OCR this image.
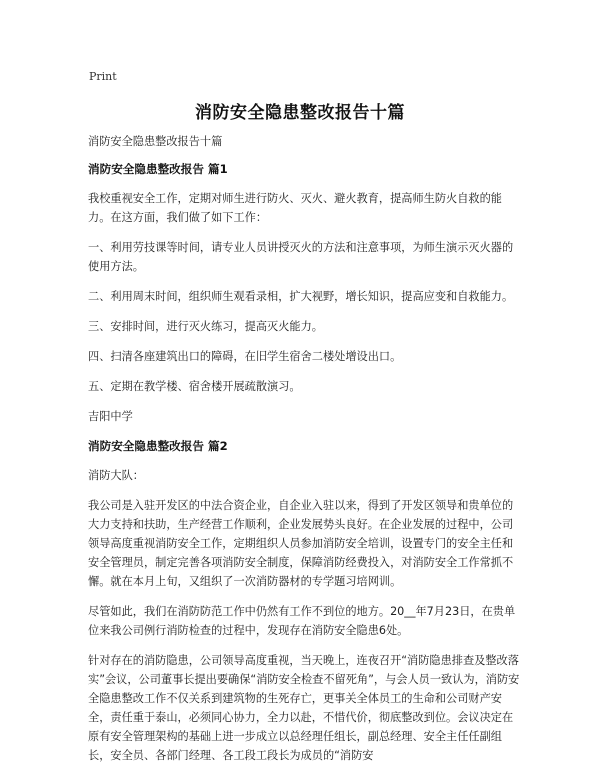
Print
消防安全隐患整改报告十篇

消防安全隐患整改报告十篇

消防安全隐患整改报告 篇1

我校重视安全工作，定期对师生进行防火、灭火、避火教育，提高师生防火自救的能力。在这方面，我们做了如下工作：

一、利用劳技课等时间，请专业人员讲授灭火的方法和注意事项，为师生演示灭火器的使用方法。

二、利用周末时间，组织师生观看录相，扩大视野，增长知识，提高应变和自救能力。

三、安排时间，进行灭火练习，提高灭火能力。

四、扫清各座建筑出口的障碍，在旧学生宿舍二楼处增设出口。

五、定期在教学楼、宿舍楼开展疏散演习。

吉阳中学

消防安全隐患整改报告 篇2

消防大队：

我公司是入驻开发区的中法合资企业，自企业入驻以来，得到了开发区领导和贵单位的大力支持和扶助，生产经营工作顺利，企业发展势头良好。在企业发展的过程中，公司领导高度重视消防安全工作，定期组织人员参加消防安全培训，设置专门的安全主任和安全管理员，制定完善各项消防安全制度，保障消防经费投入，对消防安全工作常抓不懈。就在本月上旬，又组织了一次消防器材的专学题习培网训。

尽管如此，我们在消防防范工作中仍然有工作不到位的地方。20__年7月23日，在贵单位来我公司例行消防检查的过程中，发现存在消防安全隐患6处。

针对存在的消防隐患，公司领导高度重视，当天晚上，连夜召开“消防隐患排查及整改落实”会议，公司董事长提出要确保“消防安全检查不留死角”，与会人员一致认为，消防安全隐患整改工作不仅关系到建筑物的生死存亡，更事关全体员工的生命和公司财产安全，责任重于泰山，必须同心协力，全力以赴，不惜代价，彻底整改到位。会议决定在原有安全管理架构的基础上进一步成立以总经理任组长，副总经理、安全主任任副组长，安全员、各部门经理、各工段工段长为成员的“消防安
